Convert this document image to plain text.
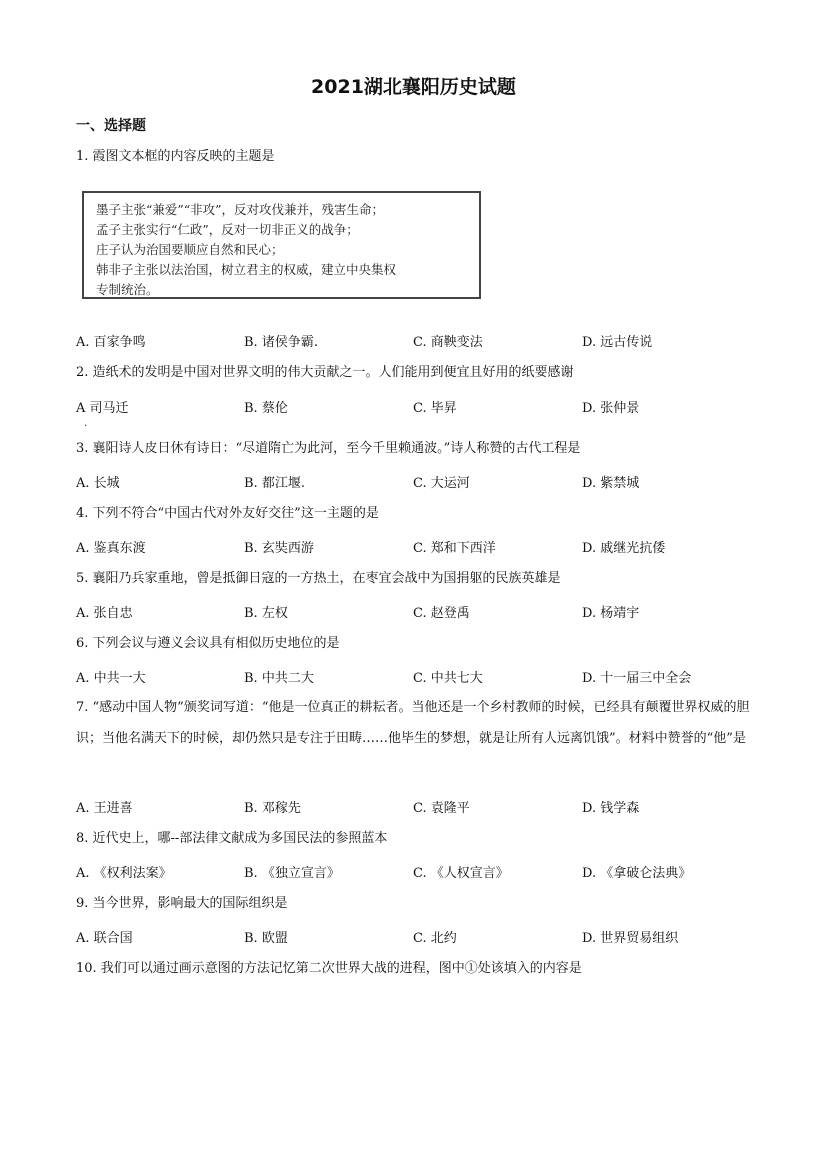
2021湖北襄阳历史试题
一、选择题
1. 霞图文本框的内容反映的主题是
墨子主张“兼爱”“非攻”，反对攻伐兼并，残害生命；
孟子主张实行“仁政”，反对一切非正义的战争；
庄子认为治国要顺应自然和民心；
韩非子主张以法治国，树立君主的权威，建立中央集权
专制统治。
A. 百家争鸣	B. 诸侯争霸.	C. 商鞅变法	D. 远古传说
2. 造纸术的发明是中国对世界文明的伟大贡献之一。人们能用到便宜且好用的纸要感谢
A 司马迁	B. 蔡伦	C. 毕昇	D. 张仲景
.
3. 襄阳诗人皮日休有诗日：“尽道隋亡为此河，至今千里赖通波。”诗人称赞的古代工程是
A. 长城	B. 都江堰.	C. 大运河	D. 紫禁城
4. 下列不符合“中国古代对外友好交往”这一主题的是
A. 鉴真东渡	B. 玄奘西游	C. 郑和下西洋	D. 戚继光抗倭
5. 襄阳乃兵家重地，曾是抵御日寇的一方热土，在枣宜会战中为国捐躯的民族英雄是
A. 张自忠	B. 左权	C. 赵登禹	D. 杨靖宇
6. 下列会议与遵义会议具有相似历史地位的是
A. 中共一大	B. 中共二大	C. 中共七大	D. 十一届三中全会
7. “感动中国人物”颁奖词写道：“他是一位真正的耕耘者。当他还是一个乡村教师的时候，已经具有颠覆世界权威的胆识；当他名满天下的时候，却仍然只是专注于田畴……他毕生的梦想，就是让所有人远离饥饿”。材料中赞誉的“他”是
A. 王进喜	B. 邓稼先	C. 袁隆平	D. 钱学森
8. 近代史上，哪--部法律文献成为多国民法的参照蓝本
A. 《权利法案》	B. 《独立宣言》	C. 《人权宣言》	D. 《拿破仑法典》
9. 当今世界，影响最大的国际组织是
A. 联合国	B. 欧盟	C. 北约	D. 世界贸易组织
10. 我们可以通过画示意图的方法记忆第二次世界大战的进程，图中①处该填入的内容是
